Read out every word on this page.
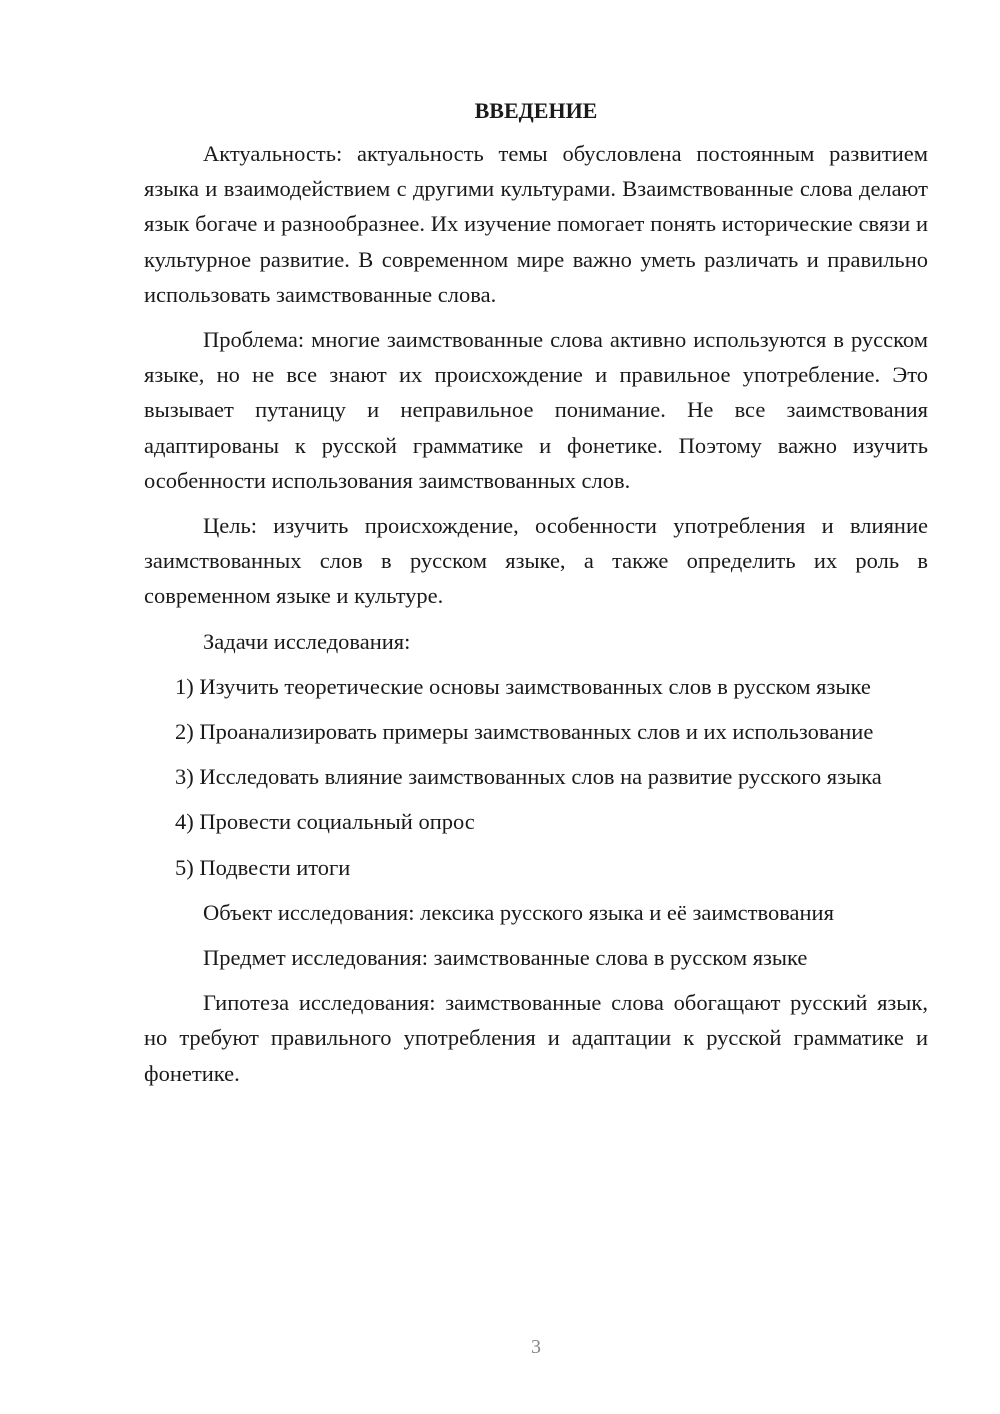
ВВЕДЕНИЕ

Актуальность: актуальность темы обусловлена постоянным развитием языка и взаимодействием с другими культурами. Взаимствованные слова делают язык богаче и разнообразнее. Их изучение помогает понять исторические связи и культурное развитие. В современном мире важно уметь различать и правильно использовать заимствованные слова.

Проблема: многие заимствованные слова активно используются в русском языке, но не все знают их происхождение и правильное употребление. Это вызывает путаницу и неправильное понимание. Не все заимствования адаптированы к русской грамматике и фонетике. Поэтому важно изучить особенности использования заимствованных слов.

Цель: изучить происхождение, особенности употребления и влияние заимствованных слов в русском языке, а также определить их роль в современном языке и культуре.

Задачи исследования:

1) Изучить теоретические основы заимствованных слов в русском языке

2) Проанализировать примеры заимствованных слов и их использование

3) Исследовать влияние заимствованных слов на развитие русского языка

4) Провести социальный опрос

5) Подвести итоги

Объект исследования: лексика русского языка и её заимствования

Предмет исследования: заимствованные слова в русском языке

Гипотеза исследования: заимствованные слова обогащают русский язык, но требуют правильного употребления и адаптации к русской грамматике и фонетике.

3
